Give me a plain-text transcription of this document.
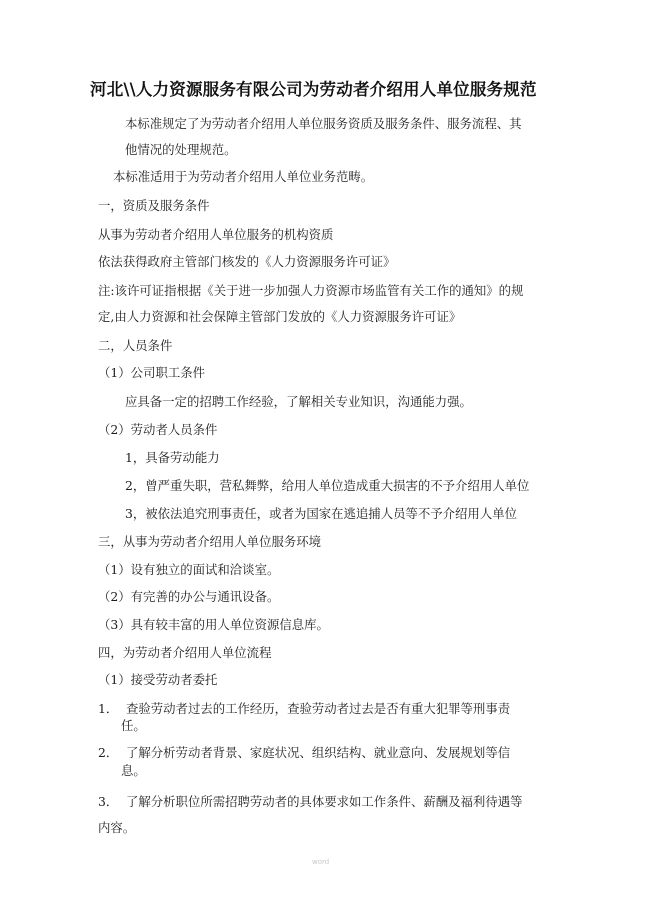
河北\\人力资源服务有限公司为劳动者介绍用人单位服务规范
本标准规定了为劳动者介绍用人单位服务资质及服务条件、服务流程、其
他情况的处理规范。
本标准适用于为劳动者介绍用人单位业务范畴。
一，资质及服务条件
从事为劳动者介绍用人单位服务的机构资质
依法获得政府主管部门核发的《人力资源服务许可证》
注:该许可证指根据《关于进一步加强人力资源市场监管有关工作的通知》的规
定,由人力资源和社会保障主管部门发放的《人力资源服务许可证》
二，人员条件
（1）公司职工条件
应具备一定的招聘工作经验，了解相关专业知识，沟通能力强。
（2）劳动者人员条件
1，具备劳动能力
2，曾严重失职，营私舞弊，给用人单位造成重大损害的不予介绍用人单位
3，被依法追究刑事责任，或者为国家在逃追捕人员等不予介绍用人单位
三，从事为劳动者介绍用人单位服务环境
（1）设有独立的面试和洽谈室。
（2）有完善的办公与通讯设备。
（3）具有较丰富的用人单位资源信息库。
四，为劳动者介绍用人单位流程
（1）接受劳动者委托
1． 查验劳动者过去的工作经历，查验劳动者过去是否有重大犯罪等刑事责
任。
2． 了解分析劳动者背景、家庭状况、组织结构、就业意向、发展规划等信
息。
3． 了解分析职位所需招聘劳动者的具体要求如工作条件、薪酬及福利待遇等
内容。
word
